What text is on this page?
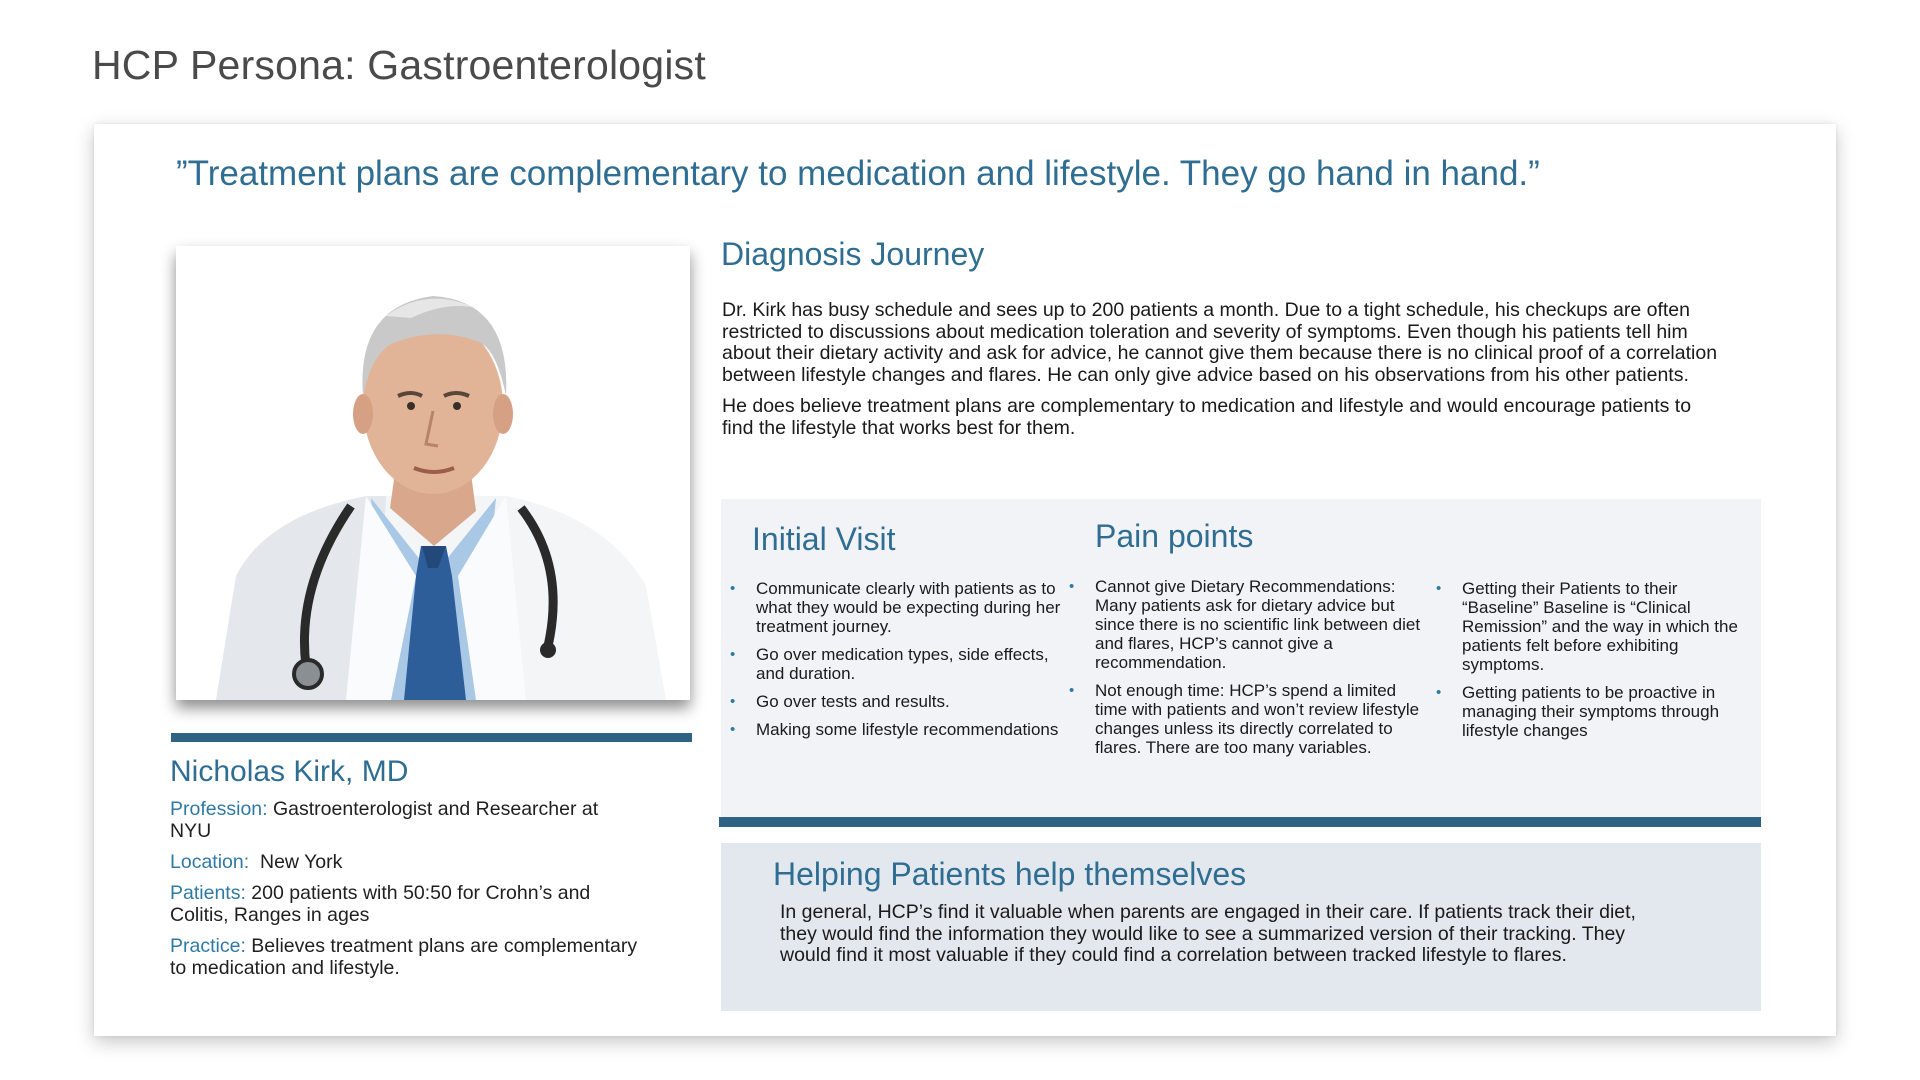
HCP Persona: Gastroenterologist
”Treatment plans are complementary to medication and lifestyle. They go hand in hand.”
Nicholas Kirk, MD

Profession: Gastroenterologist and Researcher at NYU

Location:  New York

Patients: 200 patients with 50:50 for Crohn’s and Colitis, Ranges in ages

Practice: Believes treatment plans are complementary to medication and lifestyle.

Diagnosis Journey

Dr. Kirk has busy schedule and sees up to 200 patients a month. Due to a tight schedule, his checkups are often restricted to discussions about medication toleration and severity of symptoms. Even though his patients tell him about their dietary activity and ask for advice, he cannot give them because there is no clinical proof of a correlation between lifestyle changes and flares. He can only give advice based on his observations from his other patients.

He does believe treatment plans are complementary to medication and lifestyle and would encourage patients to find the lifestyle that works best for them.

Initial Visit
• Communicate clearly with patients as to what they would be expecting during her treatment journey.
• Go over medication types, side effects, and duration.
• Go over tests and results.
• Making some lifestyle recommendations
Pain points
• Cannot give Dietary Recommendations: Many patients ask for dietary advice but since there is no scientific link between diet and flares, HCP’s cannot give a recommendation.
• Not enough time: HCP’s spend a limited time with patients and won’t review lifestyle changes unless its directly correlated to flares. There are too many variables.
• Getting their Patients to their “Baseline” Baseline is “Clinical Remission” and the way in which the patients felt before exhibiting symptoms.
• Getting patients to be proactive in managing their symptoms through lifestyle changes
Helping Patients help themselves
In general, HCP’s find it valuable when parents are engaged in their care. If patients track their diet, they would find the information they would like to see a summarized version of their tracking. They would find it most valuable if they could find a correlation between tracked lifestyle to flares.
